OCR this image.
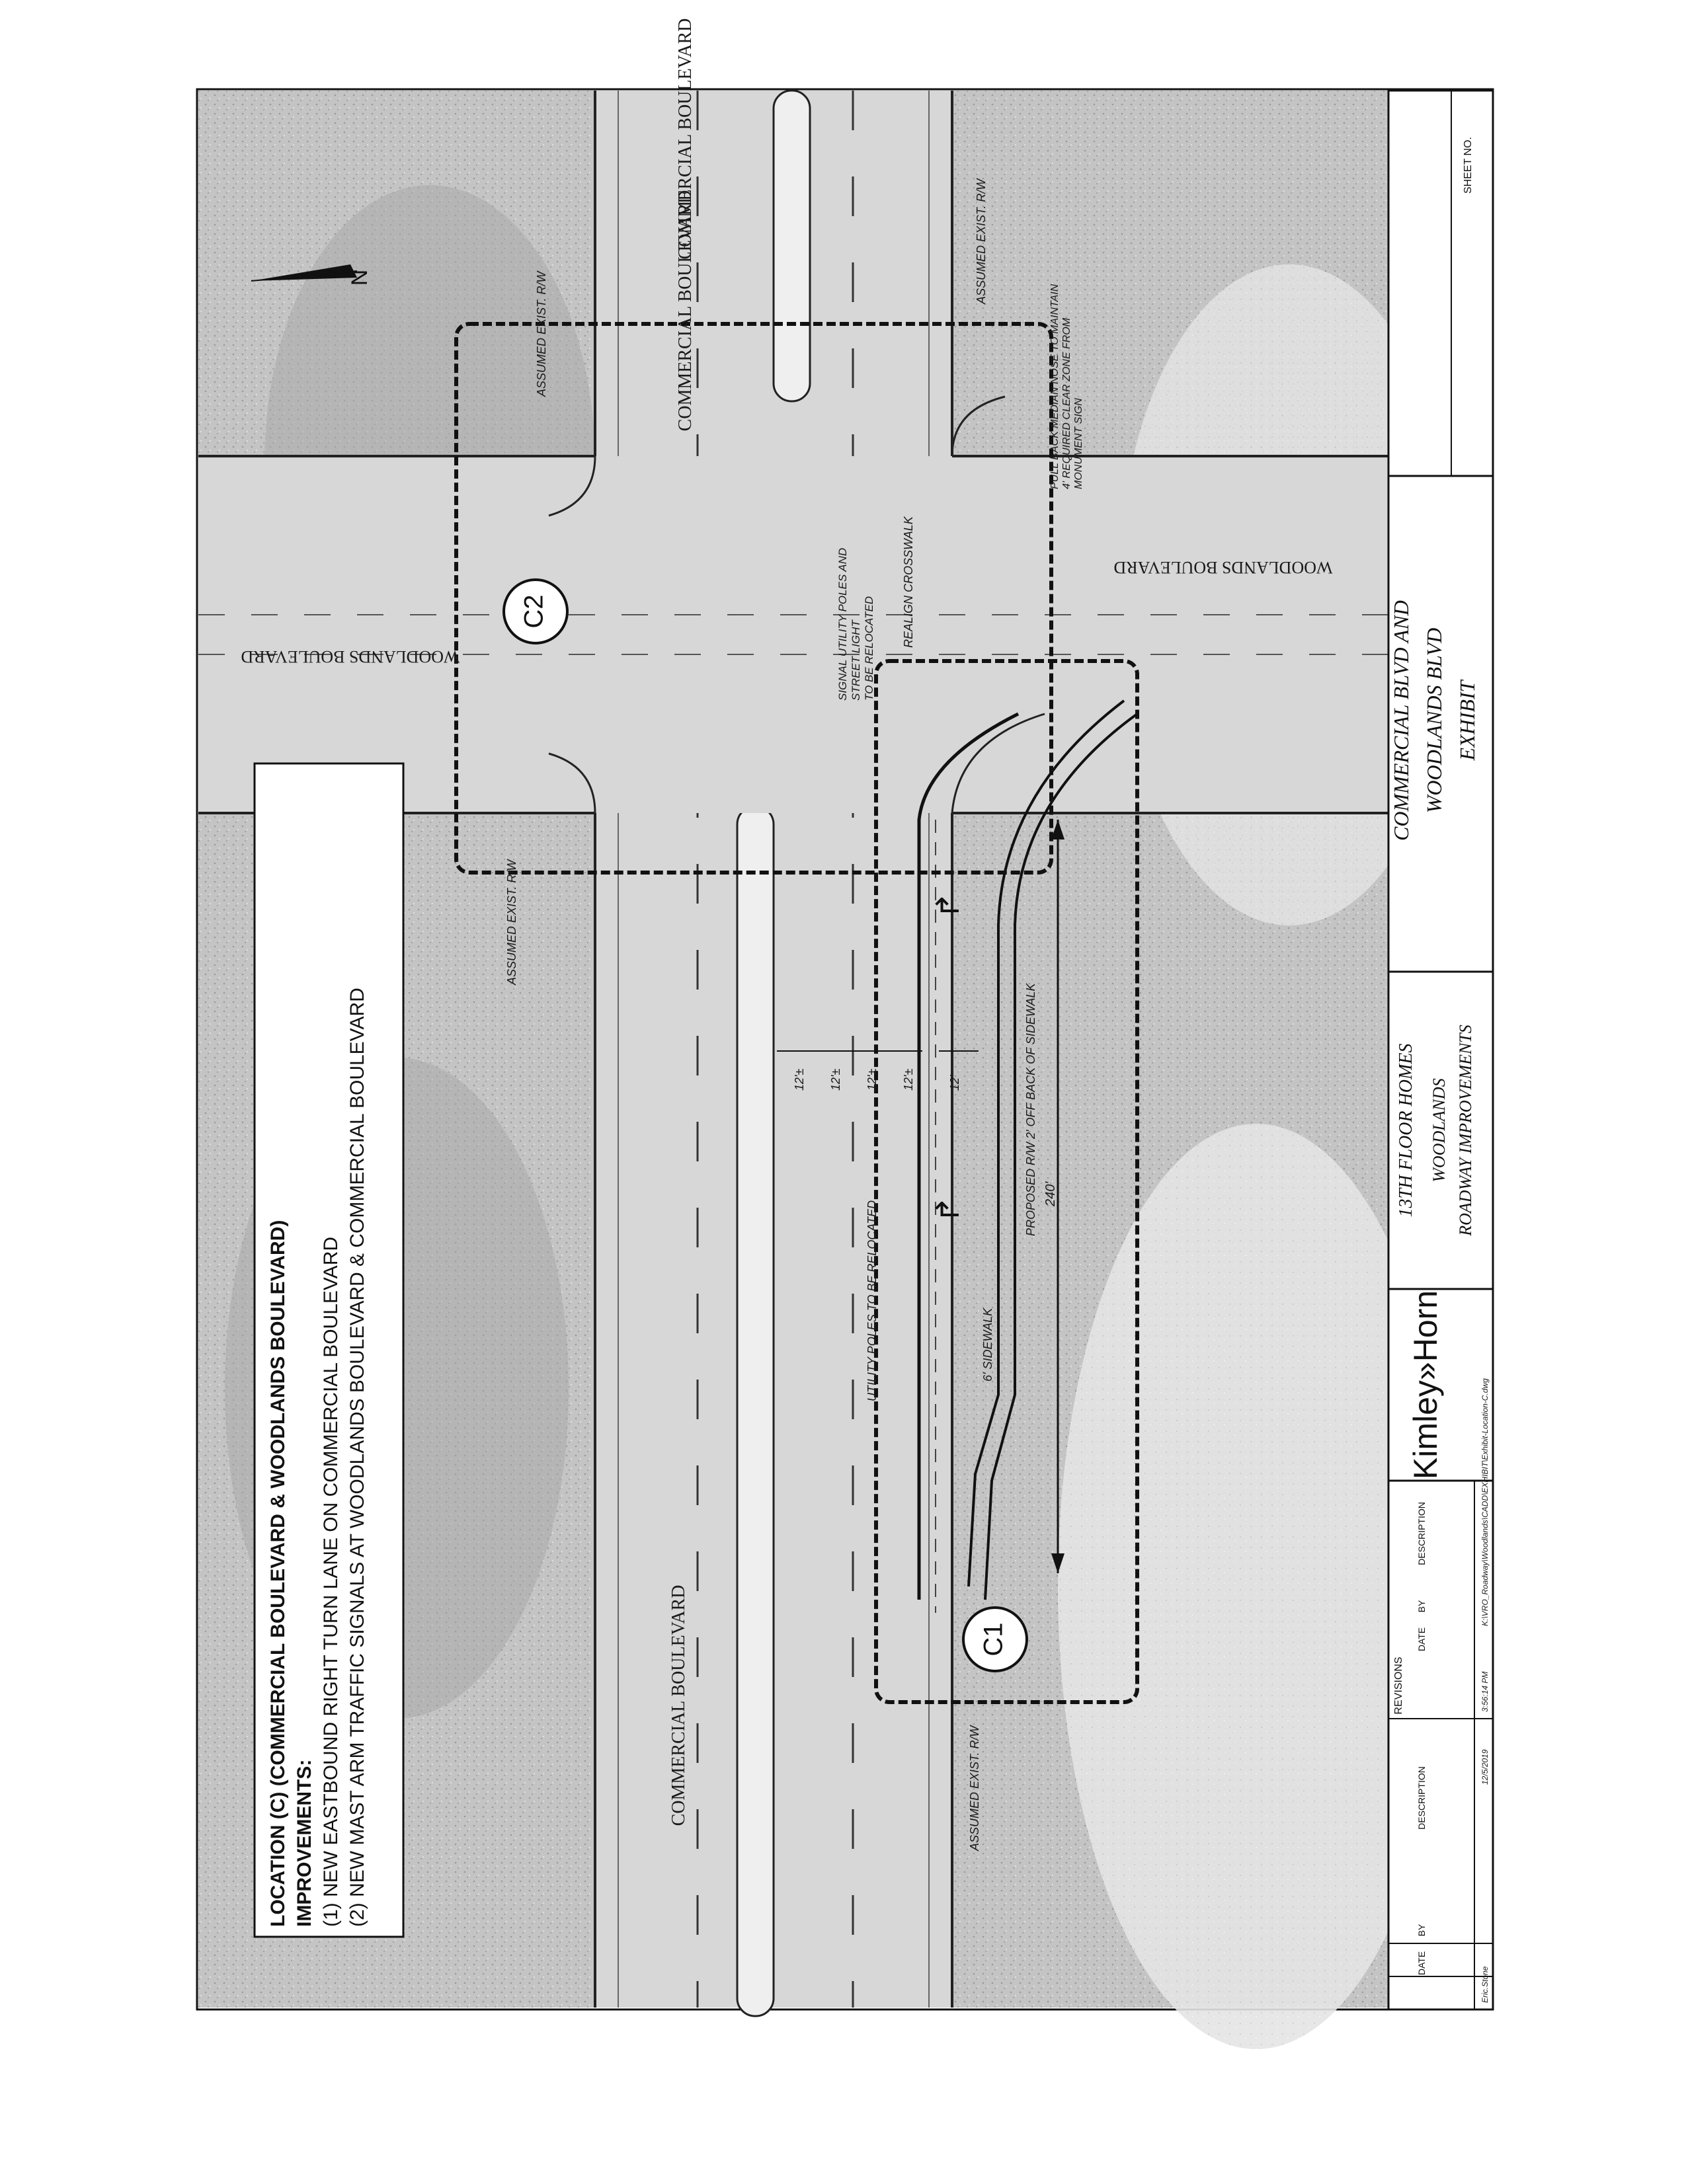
↱
↱
C2
C1
N
COMMERCIAL BOULEVARD
COMMERCIAL BOULEVARD
COMMERCIAL BOULEVARD
WOODLANDS BOULEVARD
WOODLANDS BOULEVARD
LOCATION (C) (COMMERCIAL BOULEVARD & WOODLANDS BOULEVARD) IMPROVEMENTS: (1) NEW EASTBOUND RIGHT TURN LANE ON COMMERCIAL BOULEVARD (2) NEW MAST ARM TRAFFIC SIGNALS AT WOODLANDS BOULEVARD & COMMERCIAL BOULEVARD
ASSUMED EXIST. R/W
ASSUMED EXIST. R/W
ASSUMED EXIST. R/W
ASSUMED EXIST. R/W
UTILITY POLES TO BE RELOCATED
SIGNAL UTILITY POLES AND STREET LIGHT TO BE RELOCATED
REALIGN CROSSWALK
PULL BACK MEDIAN NOSE TO MAINTAIN 4' REQUIRED CLEAR ZONE FROM MONUMENT SIGN
6' SIDEWALK
PROPOSED R/W 2' OFF BACK OF SIDEWALK 240'
12'± 12'± 12'± 12'±	12'
Kimley»Horn
13TH FLOOR HOMES WOODLANDS ROADWAY IMPROVEMENTS
COMMERCIAL BLVD AND WOODLANDS BLVD EXHIBIT
SHEET NO.
REVISIONS
DATE
BY
DESCRIPTION
DATE
BY
DESCRIPTION
12/5/2019
3:56:14 PM
K:\VRO_Roadway\Woodlands\CADD\EXHIBIT\Exhibit-Location-C.dwg
Eric.Stone
